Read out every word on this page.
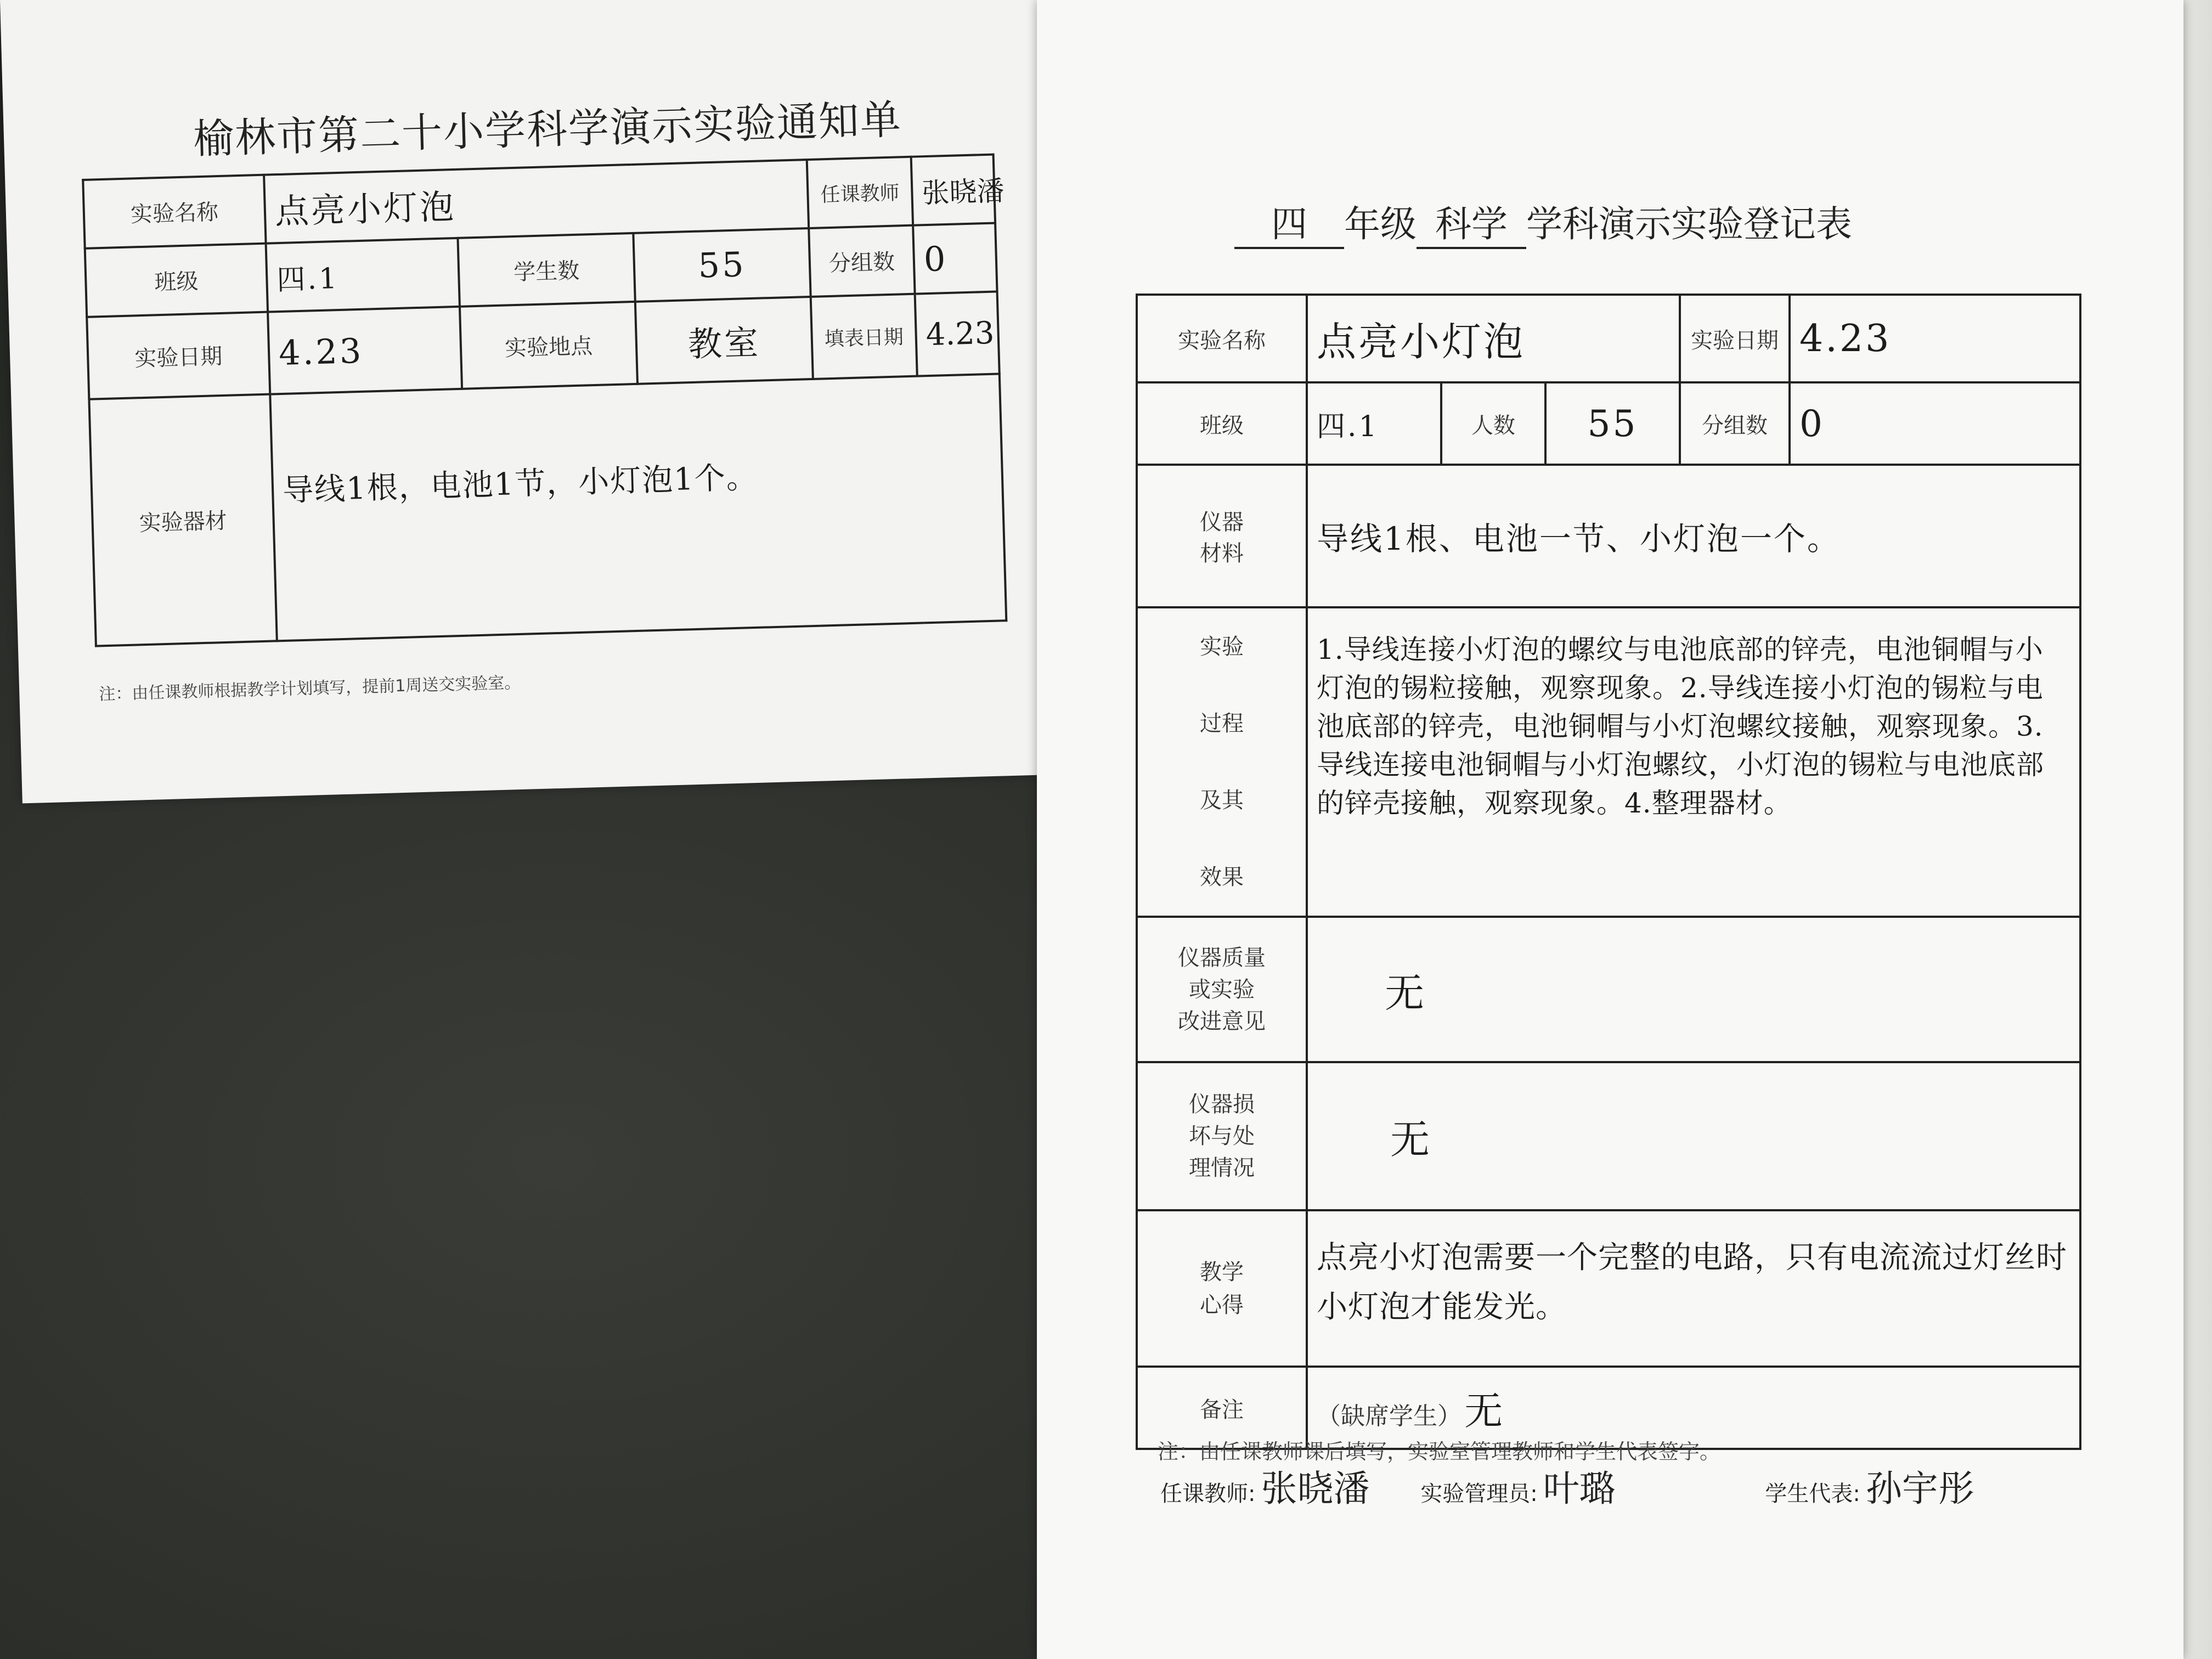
榆林市第二十小学科学演示实验通知单
实验名称	点亮小灯泡			任课教师	张晓潘
班级	四.1	学生数	55	分组数	0
实验日期	4.23	实验地点	教室	填表日期	4.23
实验器材	导线1根，电池1节，小灯泡1个。				
注：由任课教师根据教学计划填写，提前1周送交实验室。
四 年级 科学 学科演示实验登记表
实验名称	点亮小灯泡			实验日期	4.23
班级	四.1	人数	55	分组数	0

仪器
材料	导线1根、电池一节、小灯泡一个。				

实验
过程
及其
效果	1.导线连接小灯泡的螺纹与电池底部的锌壳，电池铜帽与小灯泡的锡粒接触，观察现象。2.导线连接小灯泡的锡粒与电池底部的锌壳，电池铜帽与小灯泡螺纹接触，观察现象。3.导线连接电池铜帽与小灯泡螺纹，小灯泡的锡粒与电池底部的锌壳接触，观察现象。4.整理器材。				

仪器质量
或实验
改进意见	无				

仪器损
坏与处
理情况	无				

教学
心得	点亮小灯泡需要一个完整的电路，只有电流流过灯丝时小灯泡才能发光。				

备注	（缺席学生） 无				
注：由任课教师课后填写，实验室管理教师和学生代表签字。
任课教师: 张晓潘 实验管理员: 叶璐	学生代表: 孙宇彤
